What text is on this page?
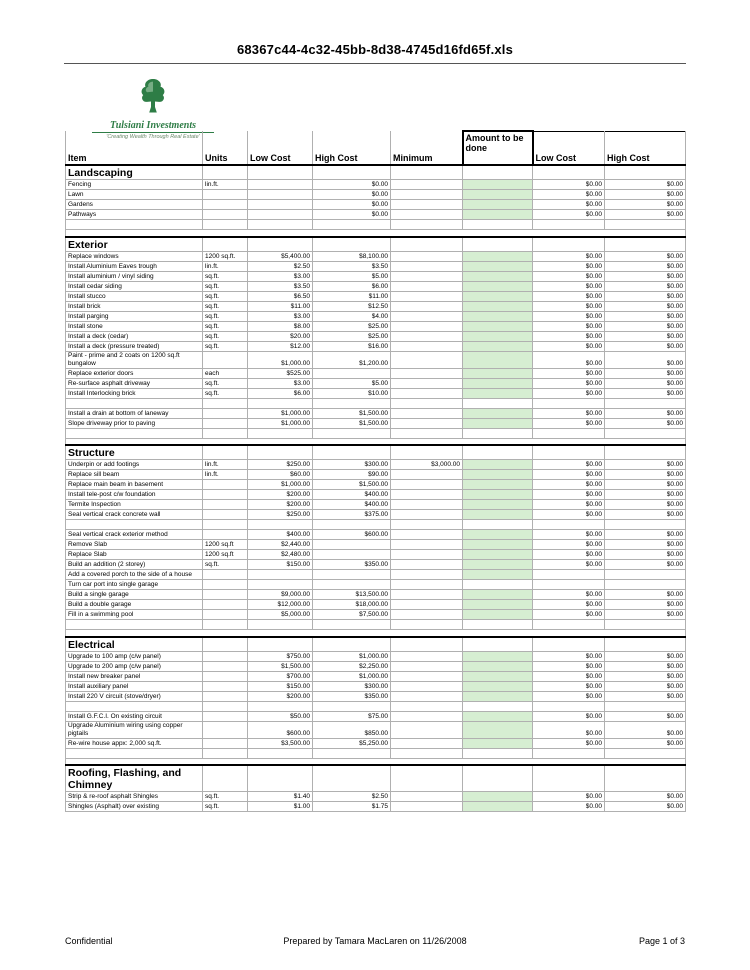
68367c44-4c32-45bb-8d38-4745d16fd65f.xls
Tulsiani Investments
'Creating Wealth Through Real Estate'
Item	Units	Low Cost	High Cost	Minimum	Amount to be done	Low Cost	High Cost
Landscaping							
Fencing	lin.ft.		$0.00			$0.00	$0.00
Lawn			$0.00			$0.00	$0.00
Gardens			$0.00			$0.00	$0.00
Pathways			$0.00			$0.00	$0.00

Exterior							
Replace windows	1200 sq.ft.	$5,400.00	$8,100.00			$0.00	$0.00
Install Aluminium Eaves trough	lin.ft.	$2.50	$3.50			$0.00	$0.00
Install aluminium / vinyl siding	sq.ft.	$3.00	$5.00			$0.00	$0.00
Install cedar siding	sq.ft.	$3.50	$6.00			$0.00	$0.00
Install stucco	sq.ft.	$6.50	$11.00			$0.00	$0.00
Install brick	sq.ft.	$11.00	$12.50			$0.00	$0.00
Install parging	sq.ft.	$3.00	$4.00			$0.00	$0.00
Install stone	sq.ft.	$8.00	$25.00			$0.00	$0.00
Install a deck (cedar)	sq.ft.	$20.00	$25.00			$0.00	$0.00
Install a deck (pressure treated)	sq.ft.	$12.00	$16.00			$0.00	$0.00
Paint - prime and 2 coats on 1200 sq.ft bungalow		$1,000.00	$1,200.00			$0.00	$0.00
Replace exterior doors	each	$525.00				$0.00	$0.00
Re-surface asphalt driveway	sq.ft.	$3.00	$5.00			$0.00	$0.00
Install Interlocking brick	sq.ft.	$6.00	$10.00			$0.00	$0.00

Install a drain at bottom of laneway		$1,000.00	$1,500.00			$0.00	$0.00
Slope driveway prior to paving		$1,000.00	$1,500.00			$0.00	$0.00

Structure							
Underpin or add footings	lin.ft.	$250.00	$300.00	$3,000.00		$0.00	$0.00
Replace sill beam	lin.ft.	$60.00	$90.00			$0.00	$0.00
Replace main beam in basement		$1,000.00	$1,500.00			$0.00	$0.00
Install tele-post c/w foundation		$200.00	$400.00			$0.00	$0.00
Termite Inspection		$200.00	$400.00			$0.00	$0.00
Seal vertical crack concrete wall		$250.00	$375.00			$0.00	$0.00

Seal vertical crack exterior method		$400.00	$600.00			$0.00	$0.00
Remove Slab	1200 sq.ft	$2,440.00				$0.00	$0.00
Replace Slab	1200 sq.ft	$2,480.00				$0.00	$0.00
Build an addition (2 storey)	sq.ft.	$150.00	$350.00			$0.00	$0.00
Add a covered porch to the side of a house							
Turn car port into single garage							
Build a single garage		$9,000.00	$13,500.00			$0.00	$0.00
Build a double garage		$12,000.00	$18,000.00			$0.00	$0.00
Fill in a swimming pool		$5,000.00	$7,500.00			$0.00	$0.00

Electrical							
Upgrade to 100 amp (c/w panel)		$750.00	$1,000.00			$0.00	$0.00
Upgrade to 200 amp (c/w panel)		$1,500.00	$2,250.00			$0.00	$0.00
Install new breaker panel		$700.00	$1,000.00			$0.00	$0.00
Install auxiliary panel		$150.00	$300.00			$0.00	$0.00
Install 220 V circuit (stove/dryer)		$200.00	$350.00			$0.00	$0.00

Install G.F.C.I. On existing circuit		$50.00	$75.00			$0.00	$0.00
Upgrade Aluminium wiring using copper pigtails		$600.00	$850.00			$0.00	$0.00
Re-wire house appx: 2,000 sq.ft.		$3,500.00	$5,250.00			$0.00	$0.00

Roofing, Flashing, and Chimney							
Strip & re-roof asphalt Shingles	sq.ft.	$1.40	$2.50			$0.00	$0.00
Shingles (Asphalt) over existing	sq.ft.	$1.00	$1.75			$0.00	$0.00
Prepared by Tamara MacLaren on 11/26/2008
Confidential	Page 1 of 3
